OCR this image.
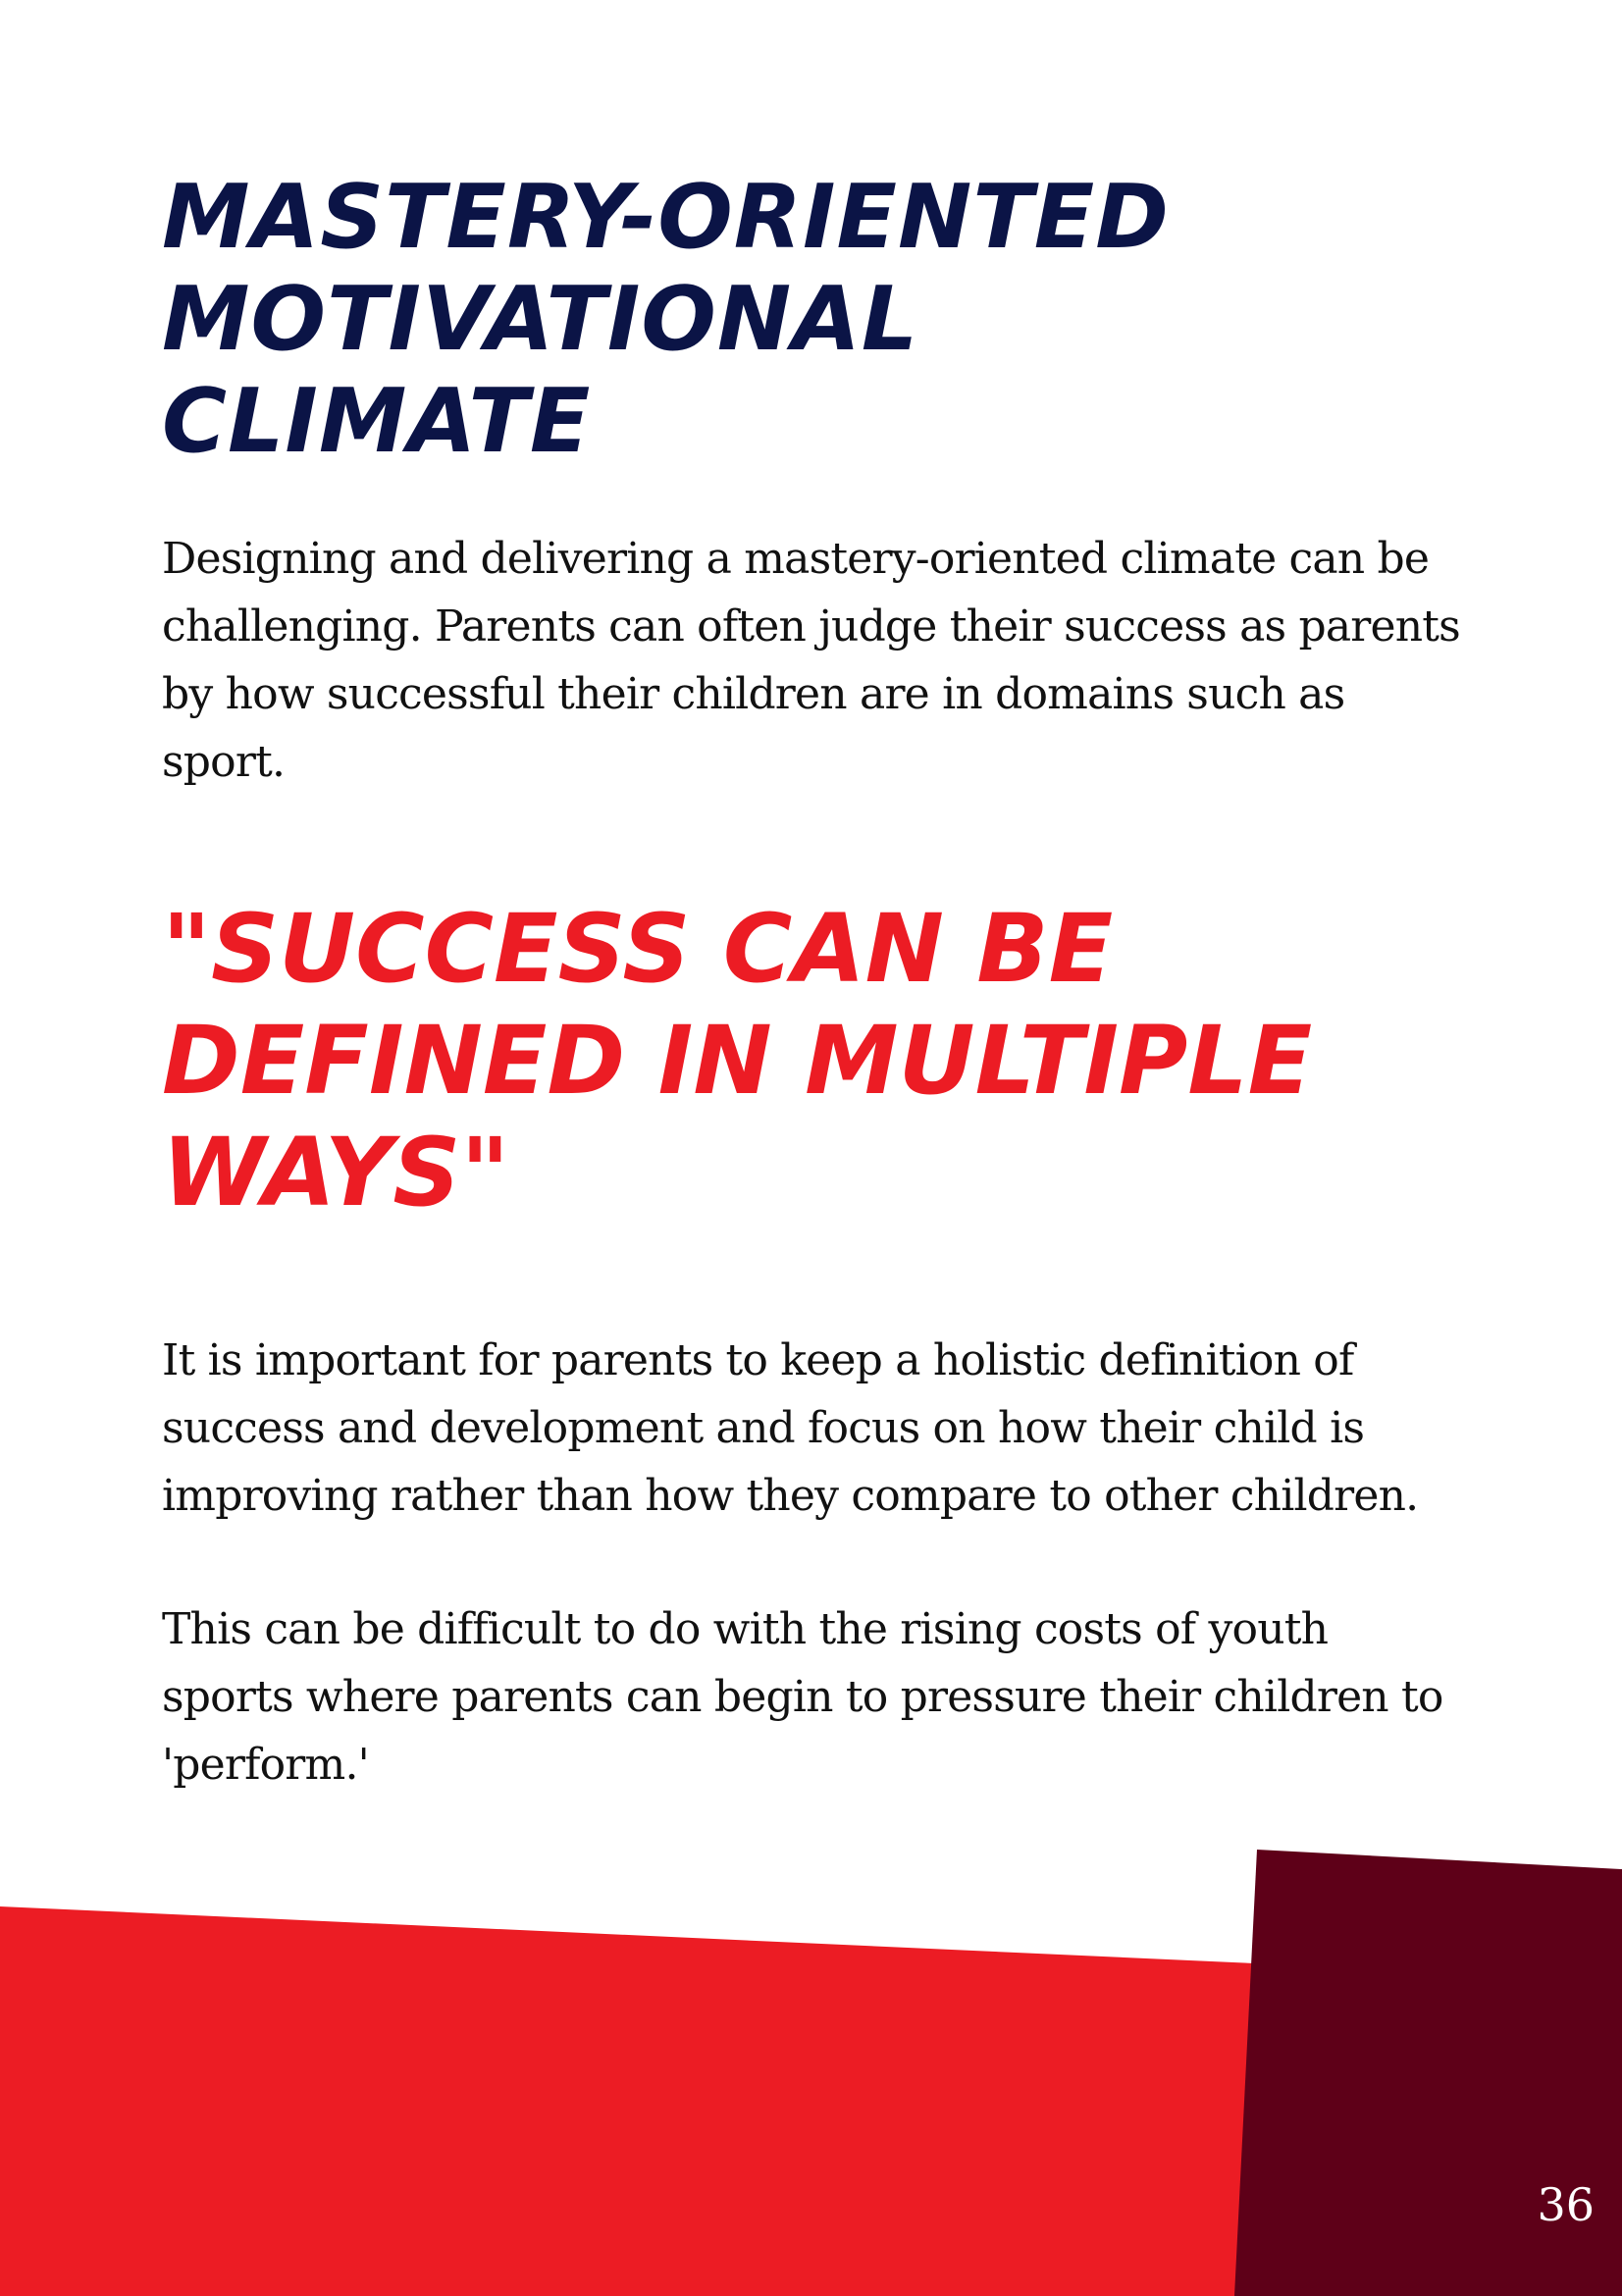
MASTERY-ORIENTED
MOTIVATIONAL
CLIMATE

Designing and delivering a mastery-oriented climate can be
challenging. Parents can often judge their success as parents
by how successful their children are in domains such as
sport.

"SUCCESS CAN BE
DEFINED IN MULTIPLE
WAYS"

It is important for parents to keep a holistic definition of
success and development and focus on how their child is
improving rather than how they compare to other children.

This can be difficult to do with the rising costs of youth
sports where parents can begin to pressure their children to
'perform.'

36
